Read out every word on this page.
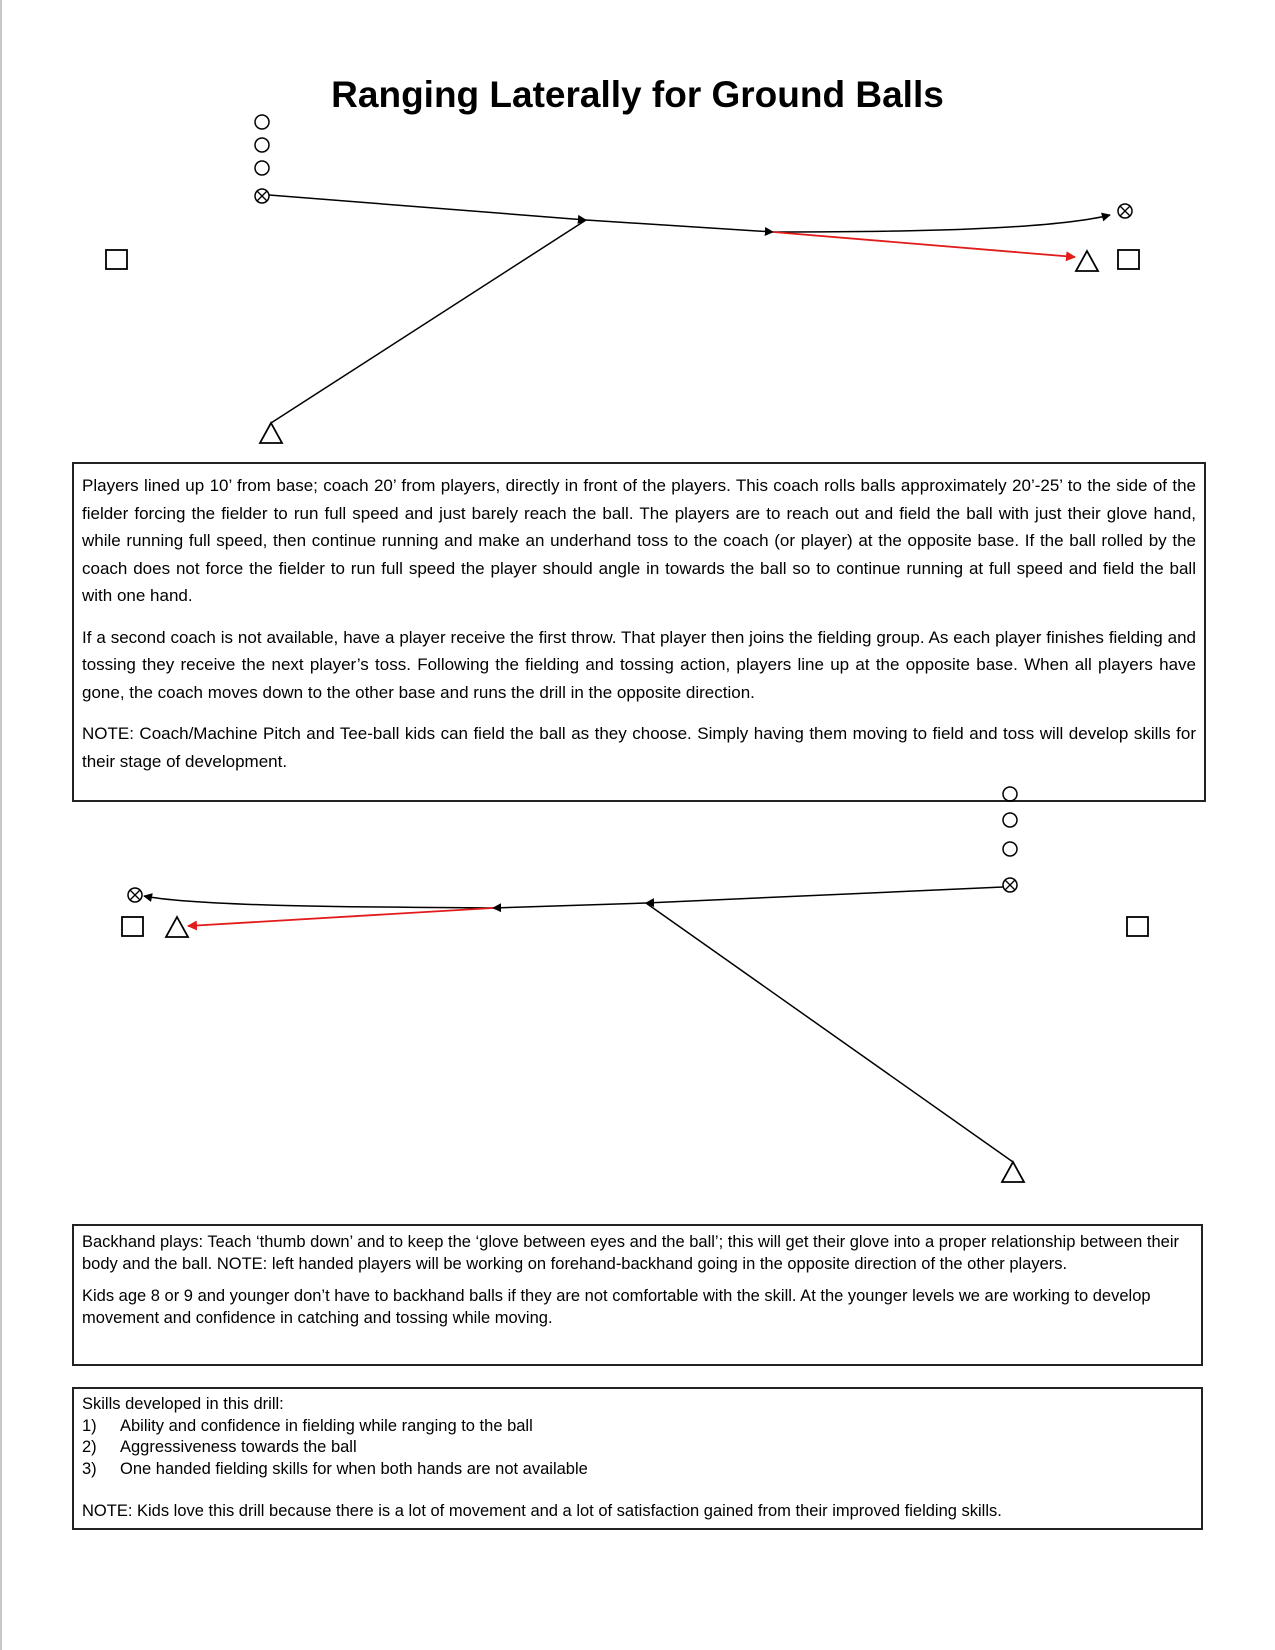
Ranging Laterally for Ground Balls

Players lined up 10’ from base; coach 20’ from players, directly in front of the players. This coach rolls balls approximately 20’-25’ to the side of the fielder forcing the fielder to run full speed and just barely reach the ball. The players are to reach out and field the ball with just their glove hand, while running full speed, then continue running and make an underhand toss to the coach (or player) at the opposite base. If the ball rolled by the coach does not force the fielder to run full speed the player should angle in towards the ball so to continue running at full speed and field the ball with one hand.

If a second coach is not available, have a player receive the first throw. That player then joins the fielding group. As each player finishes fielding and tossing they receive the next player’s toss. Following the fielding and tossing action, players line up at the opposite base. When all players have gone, the coach moves down to the other base and runs the drill in the opposite direction.

NOTE: Coach/Machine Pitch and Tee-ball kids can field the ball as they choose. Simply having them moving to field and toss will develop skills for their stage of development.

Backhand plays: Teach ‘thumb down’ and to keep the ‘glove between eyes and the ball’; this will get their glove into a proper relationship between their body and the ball. NOTE: left handed players will be working on forehand-backhand going in the opposite direction of the other players.

Kids age 8 or 9 and younger don’t have to backhand balls if they are not comfortable with the skill. At the younger levels we are working to develop movement and confidence in catching and tossing while moving.

Skills developed in this drill:
1)	Ability and confidence in fielding while ranging to the ball
2)	Aggressiveness towards the ball
3)	One handed fielding skills for when both hands are not available
NOTE: Kids love this drill because there is a lot of movement and a lot of satisfaction gained from their improved fielding skills.
